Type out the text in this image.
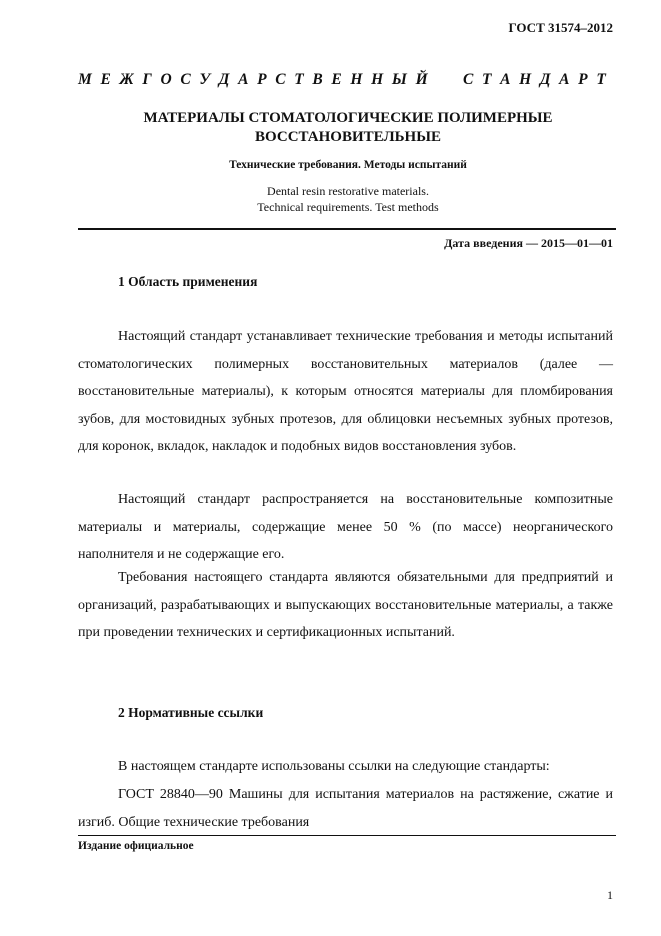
ГОСТ 31574–2012
М Е Ж Г О С У Д А Р С Т В Е Н Н Ы Й С Т А Н Д А Р Т
МАТЕРИАЛЫ СТОМАТОЛОГИЧЕСКИЕ ПОЛИМЕРНЫЕ
ВОССТАНОВИТЕЛЬНЫЕ
Технические требования. Методы испытаний
Dental resin restorative materials.
Technical requirements. Test methods
Дата введения — 2015—01—01
1 Область применения
Настоящий стандарт устанавливает технические требования и методы испытаний стоматологических полимерных восстановительных материалов (далее — восстановительные материалы), к которым относятся материалы для пломбирования зубов, для мостовидных зубных протезов, для облицовки несъемных зубных протезов, для коронок, вкладок, накладок и подобных видов восстановления зубов.
Настоящий стандарт распространяется на восстановительные композитные материалы и материалы, содержащие менее 50 % (по массе) неорганического наполнителя и не содержащие его.
Требования настоящего стандарта являются обязательными для предприятий и организаций, разрабатывающих и выпускающих восстановительные материалы, а также при проведении технических и сертификационных испытаний.
2 Нормативные ссылки
В настоящем стандарте использованы ссылки на следующие стандарты:
ГОСТ 28840—90 Машины для испытания материалов на растяжение, сжатие и изгиб. Общие технические требования
Издание официальное
1
